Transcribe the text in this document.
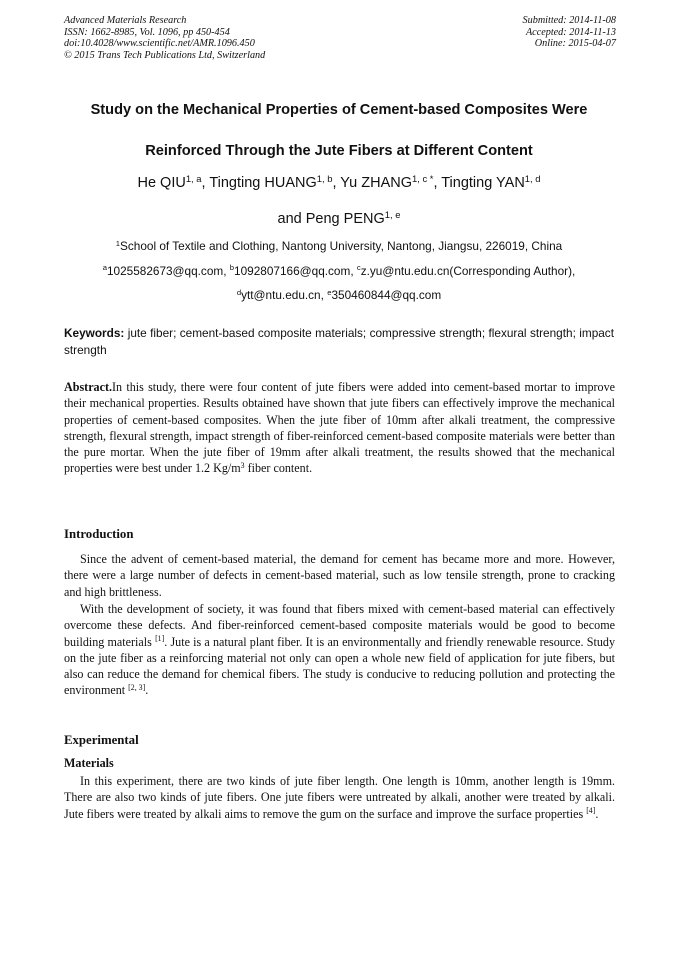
Advanced Materials Research
ISSN: 1662-8985, Vol. 1096, pp 450-454
doi:10.4028/www.scientific.net/AMR.1096.450
© 2015 Trans Tech Publications Ltd, Switzerland
Submitted: 2014-11-08
Accepted: 2014-11-13
Online: 2015-04-07
Study on the Mechanical Properties of Cement-based Composites Were
Reinforced Through the Jute Fibers at Different Content
He QIU$^{1, a}$, Tingting HUANG$^{1, b}$, Yu $ZHANG^{1, c *}$, Tingting YAN$^{1, d}$
and Peng PENG$^{1, e}$
$^1$School of Textile and Clothing, Nantong University, Nantong, Jiangsu, 226019, China
$^a$1025582673@qq.com, $^b$1092807166@qq.com, $^c$z.yu@ntu.edu.cn(Corresponding Author),
$^d$ytt@ntu.edu.cn, $^e$350460844@qq.com
Keywords: jute fiber; cement-based composite materials; compressive strength; flexural strength; impact strength
Abstract.In this study, there were four content of jute fibers were added into cement-based mortar to improve their mechanical properties. Results obtained have shown that jute fibers can effectively improve the mechanical properties of cement-based composites. When the jute fiber of 10mm after alkali treatment, the compressive strength, flexural strength, impact strength of fiber-reinforced cement-based composite materials were better than the pure mortar. When the jute fiber of 19mm after alkali treatment, the results showed that the mechanical properties were best under 1.2 $Kg/m^3$ fiber content.
Introduction
Since the advent of cement-based material, the demand for cement has became more and more. However, there were a large number of defects in cement-based material, such as low tensile strength, prone to cracking and high brittleness.
With the development of society, it was found that fibers mixed with cement-based material can effectively overcome these defects. And fiber-reinforced cement-based composite materials would be good to become building materials [1]. Jute is a natural plant fiber. It is an environmentally and friendly renewable resource. Study on the jute fiber as a reinforcing material not only can open a whole new field of application for jute fibers, but also can reduce the demand for chemical fibers. The study is conducive to reducing pollution and protecting the environment [2, 3].
Experimental
Materials
In this experiment, there are two kinds of jute fiber length. One length is 10mm, another length is 19mm. There are also two kinds of jute fibers. One jute fibers were untreated by alkali, another were treated by alkali. Jute fibers were treated by alkali aims to remove the gum on the surface and improve the surface properties [4].
